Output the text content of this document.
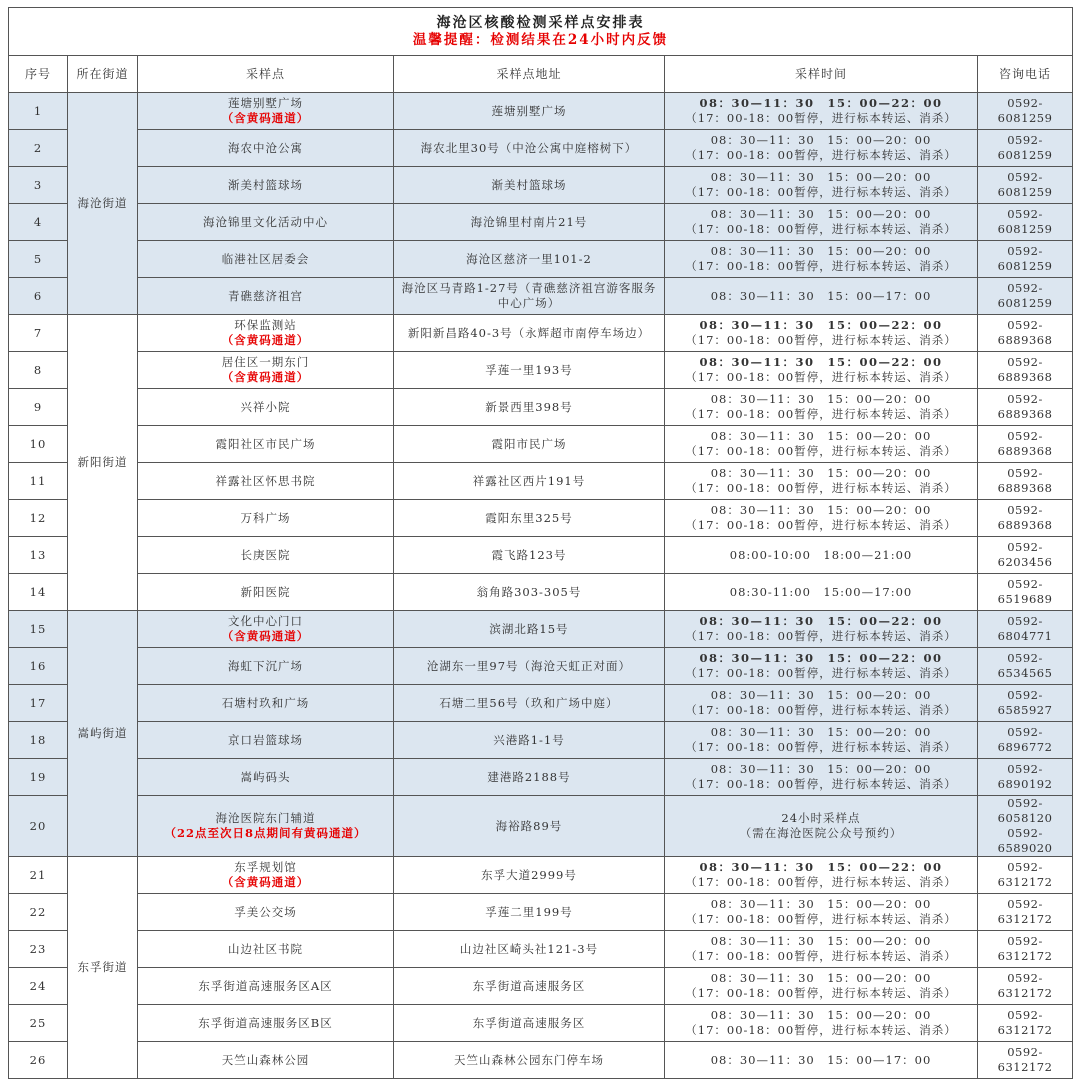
海沧区核酸检测采样点安排表
温馨提醒：检测结果在24小时内反馈					

序号	所在街道	采样点	采样点地址	采样时间	咨询电话
1	海沧街道	莲塘别墅广场
（含黄码通道）	莲塘别墅广场	08：30—11：30　15：00—22：00
（17：00-18：00暂停，进行标本转运、消杀）	0592-6081259

2		海农中沧公寓	海农北里30号（中沧公寓中庭榕树下）	08：30—11：30　15：00—20：00
（17：00-18：00暂停，进行标本转运、消杀）	0592-6081259

3		渐美村篮球场	渐美村篮球场	08：30—11：30　15：00—20：00
（17：00-18：00暂停，进行标本转运、消杀）	0592-6081259

4		海沧锦里文化活动中心	海沧锦里村南片21号	08：30—11：30　15：00—20：00
（17：00-18：00暂停，进行标本转运、消杀）	0592-6081259

5		临港社区居委会	海沧区慈济一里101-2	08：30—11：30　15：00—20：00
（17：00-18：00暂停，进行标本转运、消杀）	0592-6081259

6		青礁慈济祖宫	海沧区马青路1-27号（青礁慈济祖宫游客服务中心广场）	08：30—11：30　15：00—17：00	0592-6081259

7	新阳街道	环保监测站
（含黄码通道）	新阳新昌路40-3号（永辉超市南停车场边）	08：30—11：30　15：00—22：00
（17：00-18：00暂停，进行标本转运、消杀）	0592-6889368

8		居住区一期东门
（含黄码通道）	孚莲一里193号	08：30—11：30　15：00—22：00
（17：00-18：00暂停，进行标本转运、消杀）	0592-6889368

9		兴祥小院	新景西里398号	08：30—11：30　15：00—20：00
（17：00-18：00暂停，进行标本转运、消杀）	0592-6889368

10		霞阳社区市民广场	霞阳市民广场	08：30—11：30　15：00—20：00
（17：00-18：00暂停，进行标本转运、消杀）	0592-6889368

11		祥露社区怀思书院	祥露社区西片191号	08：30—11：30　15：00—20：00
（17：00-18：00暂停，进行标本转运、消杀）	0592-6889368

12		万科广场	霞阳东里325号	08：30—11：30　15：00—20：00
（17：00-18：00暂停，进行标本转运、消杀）	0592-6889368

13		长庚医院	霞飞路123号	08:00-10:00　18:00—21:00	0592-6203456

14		新阳医院	翁角路303-305号	08:30-11:00　15:00—17:00	0592-6519689

15	嵩屿街道	文化中心门口
（含黄码通道）	滨湖北路15号	08：30—11：30　15：00—22：00
（17：00-18：00暂停，进行标本转运、消杀）	0592-6804771

16		海虹下沉广场	沧湖东一里97号（海沧天虹正对面）	08：30—11：30　15：00—22：00
（17：00-18：00暂停，进行标本转运、消杀）	0592-6534565

17		石塘村玖和广场	石塘二里56号（玖和广场中庭）	08：30—11：30　15：00—20：00
（17：00-18：00暂停，进行标本转运、消杀）	0592-6585927

18		京口岩篮球场	兴港路1-1号	08：30—11：30　15：00—20：00
（17：00-18：00暂停，进行标本转运、消杀）	0592-6896772

19		嵩屿码头	建港路2188号	08：30—11：30　15：00—20：00
（17：00-18：00暂停，进行标本转运、消杀）	0592-6890192

20		海沧医院东门辅道
（22点至次日8点期间有黄码通道）	海裕路89号	24小时采样点
（需在海沧医院公众号预约）	0592-6058120
0592-6589020

21	东孚街道	东孚规划馆
（含黄码通道）	东孚大道2999号	08：30—11：30　15：00—22：00
（17：00-18：00暂停，进行标本转运、消杀）	0592-6312172

22		孚美公交场	孚莲二里199号	08：30—11：30　15：00—20：00
（17：00-18：00暂停，进行标本转运、消杀）	0592-6312172

23		山边社区书院	山边社区崎头社121-3号	08：30—11：30　15：00—20：00
（17：00-18：00暂停，进行标本转运、消杀）	0592-6312172

24		东孚街道高速服务区A区	东孚街道高速服务区	08：30—11：30　15：00—20：00
（17：00-18：00暂停，进行标本转运、消杀）	0592-6312172

25		东孚街道高速服务区B区	东孚街道高速服务区	08：30—11：30　15：00—20：00
（17：00-18：00暂停，进行标本转运、消杀）	0592-6312172

26		天竺山森林公园	天竺山森林公园东门停车场	08：30—11：30　15：00—17：00	0592-6312172
